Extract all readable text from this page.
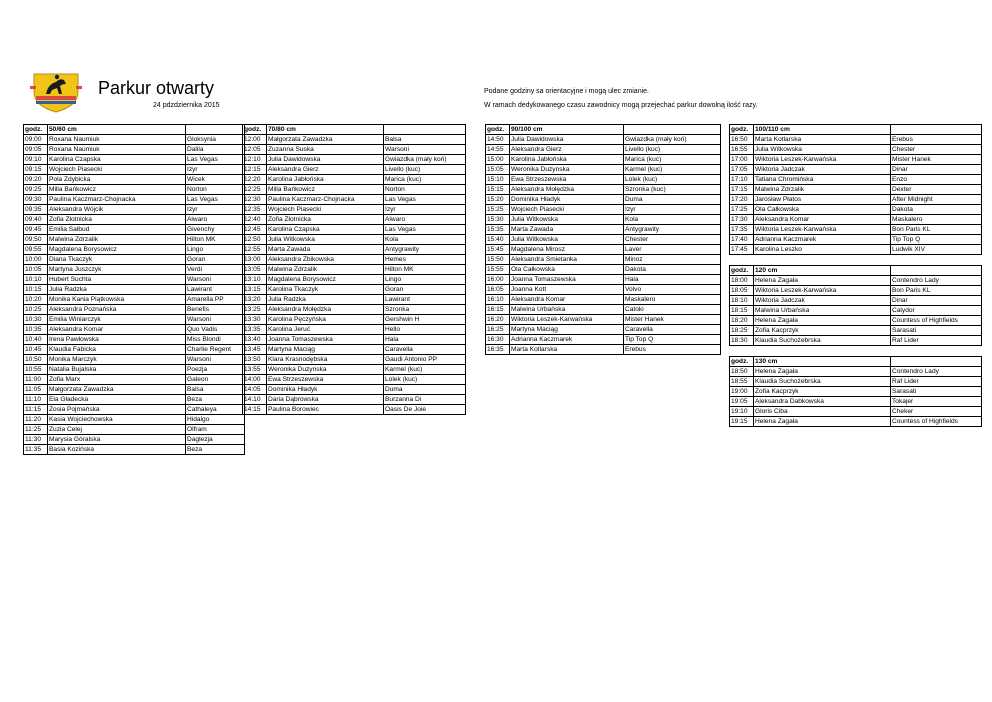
Parkur otwarty
24 pdzdziernika 2015
Podane godziny sa orientacyjne i mogą ulec zmianie.
W ramach dedykowanego czasu zawodnicy mogą przejechać parkur dowolną ilość razy.
godz.	50/60 cm	
09:00	Roxana Naumiuk	Gloksynia
09:05	Roxana Naumiuk	Dalila
09:10	Karolina Czapska	Las Vegas
09:15	Wojciech Piasecki	Izyr
09:20	Pola Zdybicka	Wicek
09:25	Milla Bańkowicz	Norton
09:30	Paulina Kaczmarz-Chojnacka	Las Vegas
09:35	Aleksandra Wójcik	Izyr
09:40	Zofia Złotnicka	Alwaro
09:45	Emilia Sałbud	Givenchy
09:50	Malwina Zdrzalik	Hilton MK
09:55	Magdalena Borysowicz	Lingo
10:00	Diana Tkaczyk	Goran
10:05	Martyna Juszczyk	Verdi
10:10	Hubert Suchta	Warsoni
10:15	Julia Radzka	Lawirant
10:20	Monika Kania Piątkowska	Amarella PP
10:25	Aleksandra Poznańska	Benefis
10:30	Emilia Winiarczyk	Warsoni
10:35	Aleksandra Komar	Quo Vadis
10:40	Irena Pawłowska	Miss Blondi
10:45	Klaudia Fabicka	Charlie Regent
10:50	Monika Marczyk	Warsoni
10:55	Natalia Bujalska	Poezja
11:00	Zofia Marx	Galeon
11:05	Małgorzata Zawadzka	Balsa
11:10	Ela Gładecka	Beza
11:15	Zosia Pojmańska	Cathaleya
11:20	Kasia Wojciechowska	Hidalgo
11:25	Zuzia Celej	Olfram
11:30	Marysia Góralska	Daglezja
11:35	Basia Kozińska	Beza
godz.	70/80 cm	
12:00	Małgorzata Zawadzka	Balsa
12:05	Zuzanna Suska	Warsoni
12:10	Julia Dawidowska	Gwiazdka (mały koń)
12:15	Aleksandra Gierz	Livello (kuc)
12:20	Karolina Jabłońska	Marica (kuc)
12:25	Milla Bańkowicz	Norton
12:30	Paulina Kaczmarz-Chojnacka	Las Vegas
12:35	Wojciech Piasecki	Izyr
12:40	Zofia Złotnicka	Alwaro
12:45	Karolina Czapska	Las Vegas
12:50	Julia Witkowska	Kola
12:55	Marta Zawada	Antygrawity
13:00	Aleksandra Zbikowska	Hemes
13:05	Malwina Zdrzalik	Hilton MK
13:10	Magdalena Borysowicz	Lingo
13:15	Karolina Tkaczyk	Goran
13:20	Julia Radzka	Lawirant
13:25	Aleksandra Mołędzka	Szronka
13:30	Karolina Pęczyńska	Gershwin H
13:35	Karolina Jeruć	Hello
13:40	Joanna Tomaszewska	Hala
13:45	Martyna Maciąg	Caravella
13:50	Klara Krasnodębska	Gaudi Antonio PP
13:55	Weronika Duzynska	Karmel (kuc)
14:00	Ewa Strzeszewska	Lolek (kuc)
14:05	Dominika Hładyk	Duma
14:10	Daria Dąbrowska	Burzanna Di
14:15	Paulina Borowiec	Oasis De Joie
godz.	90/100 cm	
14:50	Julia Dawidowska	Gwiazdka (mały koń)
14:55	Aleksandra Gierz	Livello (kuc)
15:00	Karolina Jabłońska	Marica (kuc)
15:05	Weronika Duzynska	Karmel (kuc)
15:10	Ewa Strzeszewska	Lolek (kuc)
15:15	Aleksandra Mołędzka	Szronka (kuc)
15:20	Dominika Hładyk	Duma
15:25	Wojciech Piasecki	Izyr
15:30	Julia Witkowska	Kola
15:35	Marta Zawada	Antygrawity
15:40	Julia Witkowska	Chester
15:45	Magdalena Mirosz	Laver
15:50	Aleksandra Smietanka	Minoz
15:55	Ola Całkowska	Dakota
16:00	Joanna Tomaszewska	Hala
16:05	Joanna Kott	Volvo
16:10	Aleksandra Komar	Maskalero
16:15	Malwina Urbańska	Catoki
16:20	Wiktoria Leszek-Karwańska	Mister Hanek
16:25	Martyna Maciąg	Caravella
16:30	Adrianna Kaczmarek	Tip Top Q
16:35	Marta Kotlarska	Erebus
godz.	100/110 cm	
16:50	Marta Kotlarska	Erebus
16:55	Julia Witkowska	Chester
17:00	Wiktoria Leszek-Karwańska	Mister Hanek
17:05	Wiktoria Jadczak	Dinar
17:10	Tatiana Chromińska	Enzo
17:15	Malwina Zdrzalik	Dexter
17:20	Jarosław Płatos	After Midnight
17:25	Ola Całkowska	Dakota
17:30	Aleksandra Komar	Maskalero
17:35	Wiktoria Leszek-Karwańska	Bon Paris KL
17:40	Adrianna Kaczmarek	Tip Top Q
17:45	Karolina Leszko	Ludwik XIV
godz.	120 cm	
18:00	Helena Zagała	Contendro Lady
18:05	Wiktoria Leszek-Karwańska	Bon Paris KL
18:10	Wiktoria Jadczak	Dinar
18:15	Malwina Urbańska	Calydor
18:20	Helena Zagała	Countess of Highfields
18:25	Zofia Kacprzyk	Sarasati
18:30	Klaudia Suchożebrska	Raf Lider
godz.	130 cm	
18:50	Helena Zagała	Contendro Lady
18:55	Klaudia Suchożebrska	Raf Lider
19:00	Zofia Kacprzyk	Sarasati
19:05	Aleksandra Dabkowska	Tokajer
19:10	Gloris Ciba	Cheker
19:15	Helena Zagała	Countess of Highfields
